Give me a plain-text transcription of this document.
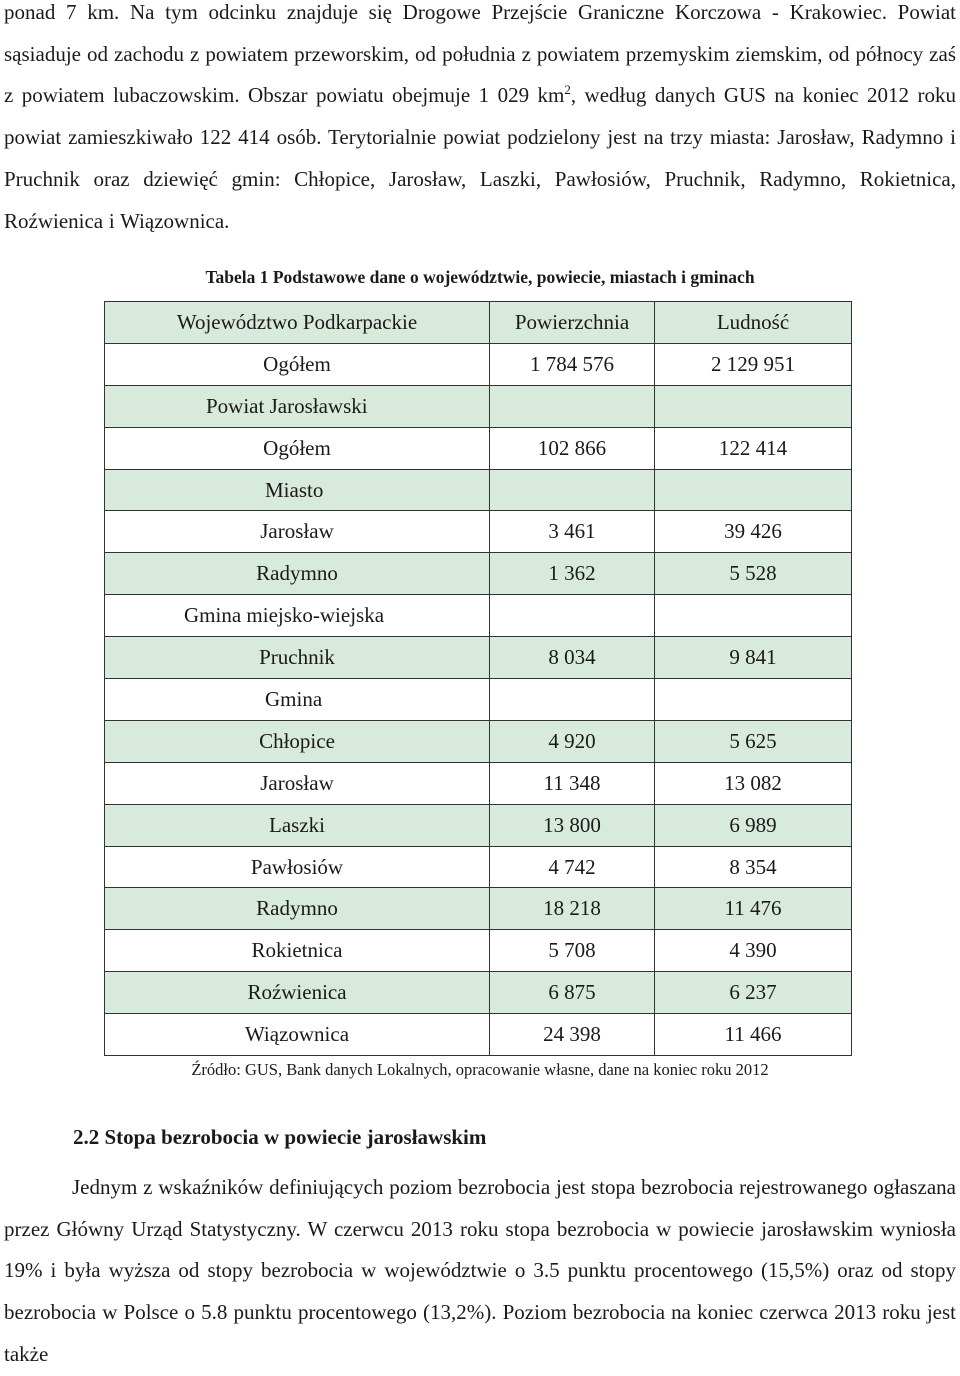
ponad 7 km. Na tym odcinku znajduje się Drogowe Przejście Graniczne Korczowa - Krakowiec. Powiat sąsiaduje od zachodu z powiatem przeworskim, od południa z powiatem przemyskim ziemskim, od północy zaś z powiatem lubaczowskim. Obszar powiatu obejmuje 1 029 $km^2$, według danych GUS na koniec 2012 roku powiat zamieszkiwało 122 414 osób. Terytorialnie powiat podzielony jest na trzy miasta: Jarosław, Radymno i Pruchnik oraz dziewięć gmin: Chłopice, Jarosław, Laszki, Pawłosiów, Pruchnik, Radymno, Rokietnica, Roźwienica i Wiązownica.

Tabela 1 Podstawowe dane o województwie, powiecie, miastach i gminach

Województwo Podkarpackie	Powierzchnia	Ludność
Ogółem	1 784 576	2 129 951
Powiat Jarosławski		
Ogółem	102 866	122 414
Miasto		
Jarosław	3 461	39 426
Radymno	1 362	5 528
Gmina miejsko-wiejska		
Pruchnik	8 034	9 841
Gmina		
Chłopice	4 920	5 625
Jarosław	11 348	13 082
Laszki	13 800	6 989
Pawłosiów	4 742	8 354
Radymno	18 218	11 476
Rokietnica	5 708	4 390
Roźwienica	6 875	6 237
Wiązownica	24 398	11 466

Źródło: GUS, Bank danych Lokalnych, opracowanie własne, dane na koniec roku 2012

2.2 Stopa bezrobocia w powiecie jarosławskim

Jednym z wskaźników definiujących poziom bezrobocia jest stopa bezrobocia rejestrowanego ogłaszana przez Główny Urząd Statystyczny. W czerwcu 2013 roku stopa bezrobocia w powiecie jarosławskim wyniosła 19% i była wyższa od stopy bezrobocia w województwie o 3.5 punktu procentowego (15,5%) oraz od stopy bezrobocia w Polsce o 5.8 punktu procentowego (13,2%). Poziom bezrobocia na koniec czerwca 2013 roku jest także
